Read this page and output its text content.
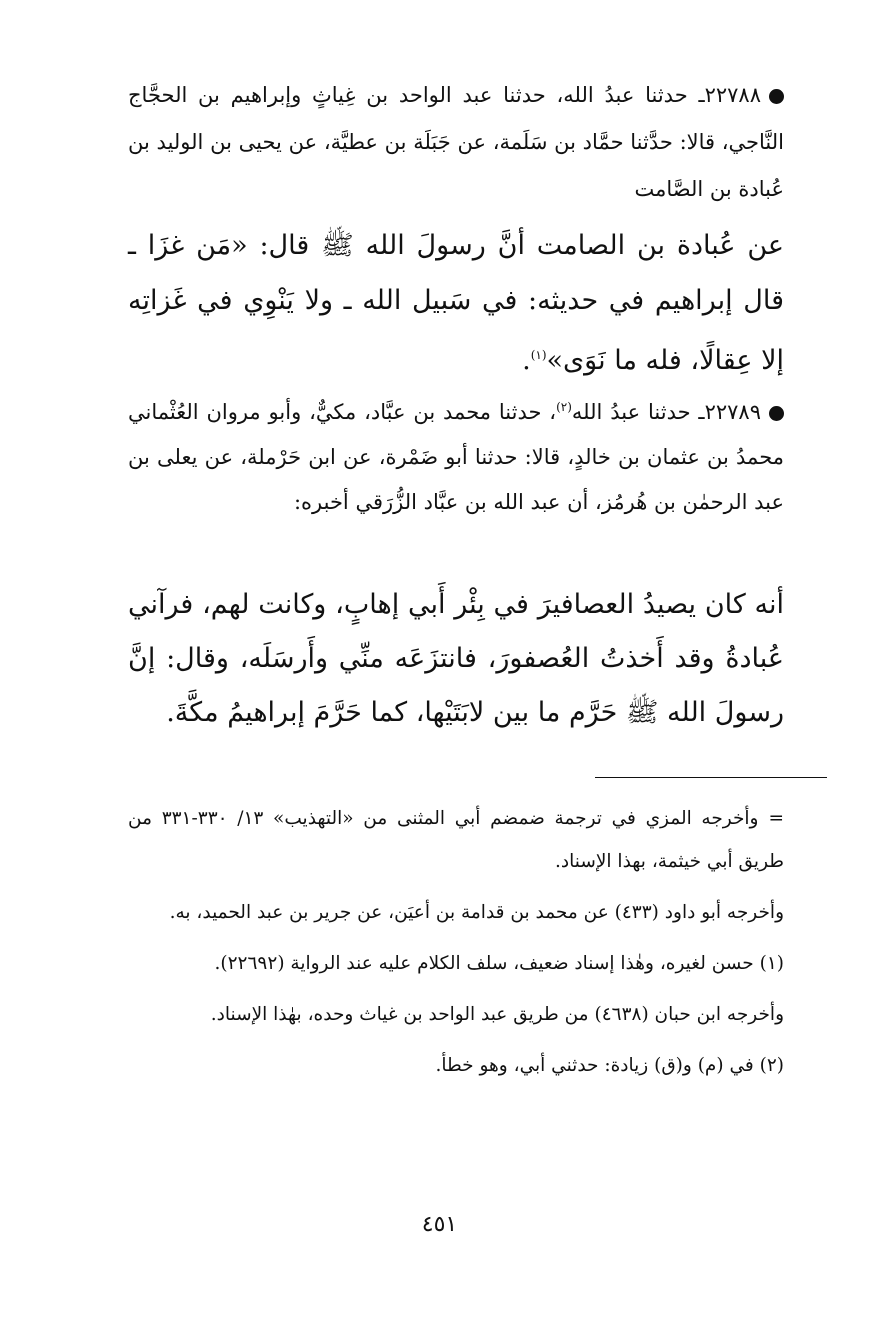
٢٢٧٨٨ـ حدثنا عبدُ الله، حدثنا عبد الواحد بن غِياثٍ وإبراهيم بن الحجَّاج النَّاجي، قالا: حدَّثنا حمَّاد بن سَلَمة، عن جَبَلَة بن عطيَّة، عن يحيى بن الوليد بن عُبادة بن الصَّامت
عن عُبادة بن الصامت أنَّ رسولَ الله ﷺ قال: «مَن غزَا ـ قال إبراهيم في حديثه: في سَبيل الله ـ ولا يَنْوِي في غَزاتِه إلا عِقالًا، فله ما نَوَى»$^{(١)}$.
٢٢٧٨٩ـ حدثنا عبدُ الله$^{(٢)}$، حدثنا محمد بن عبَّاد، مكيٌّ، وأبو مروان العُثْماني محمدُ بن عثمان بن خالدٍ، قالا: حدثنا أبو ضَمْرة، عن ابن حَرْملة، عن يعلى بن عبد الرحمٰن بن هُرمُز، أن عبد الله بن عبَّاد الزُّرَقي أخبره:
أنه كان يصيدُ العصافيرَ في بِئْر أَبي إهابٍ، وكانت لهم، فرآني عُبادةُ وقد أَخذتُ العُصفورَ، فانتزَعَه منِّي وأَرسَلَه، وقال: إنَّ رسولَ الله ﷺ حَرَّم ما بين لابَتَيْها، كما حَرَّمَ إبراهيمُ مكَّةَ.
=وأخرجه المزي في ترجمة ضمضم أبي المثنى من «التهذيب» ١٣/ ٣٣٠-٣٣١ من طريق أبي خيثمة، بهذا الإسناد.
وأخرجه أبو داود (٤٣٣) عن محمد بن قدامة بن أعيَن، عن جرير بن عبد الحميد، به.
(١) حسن لغيره، وهٰذا إسناد ضعيف، سلف الكلام عليه عند الرواية (٢٢٦٩٢).
وأخرجه ابن حبان (٤٦٣٨) من طريق عبد الواحد بن غياث وحده، بهٰذا الإسناد.
(٢) في (م) و(ق) زيادة: حدثني أبي، وهو خطأ.
٤٥١
